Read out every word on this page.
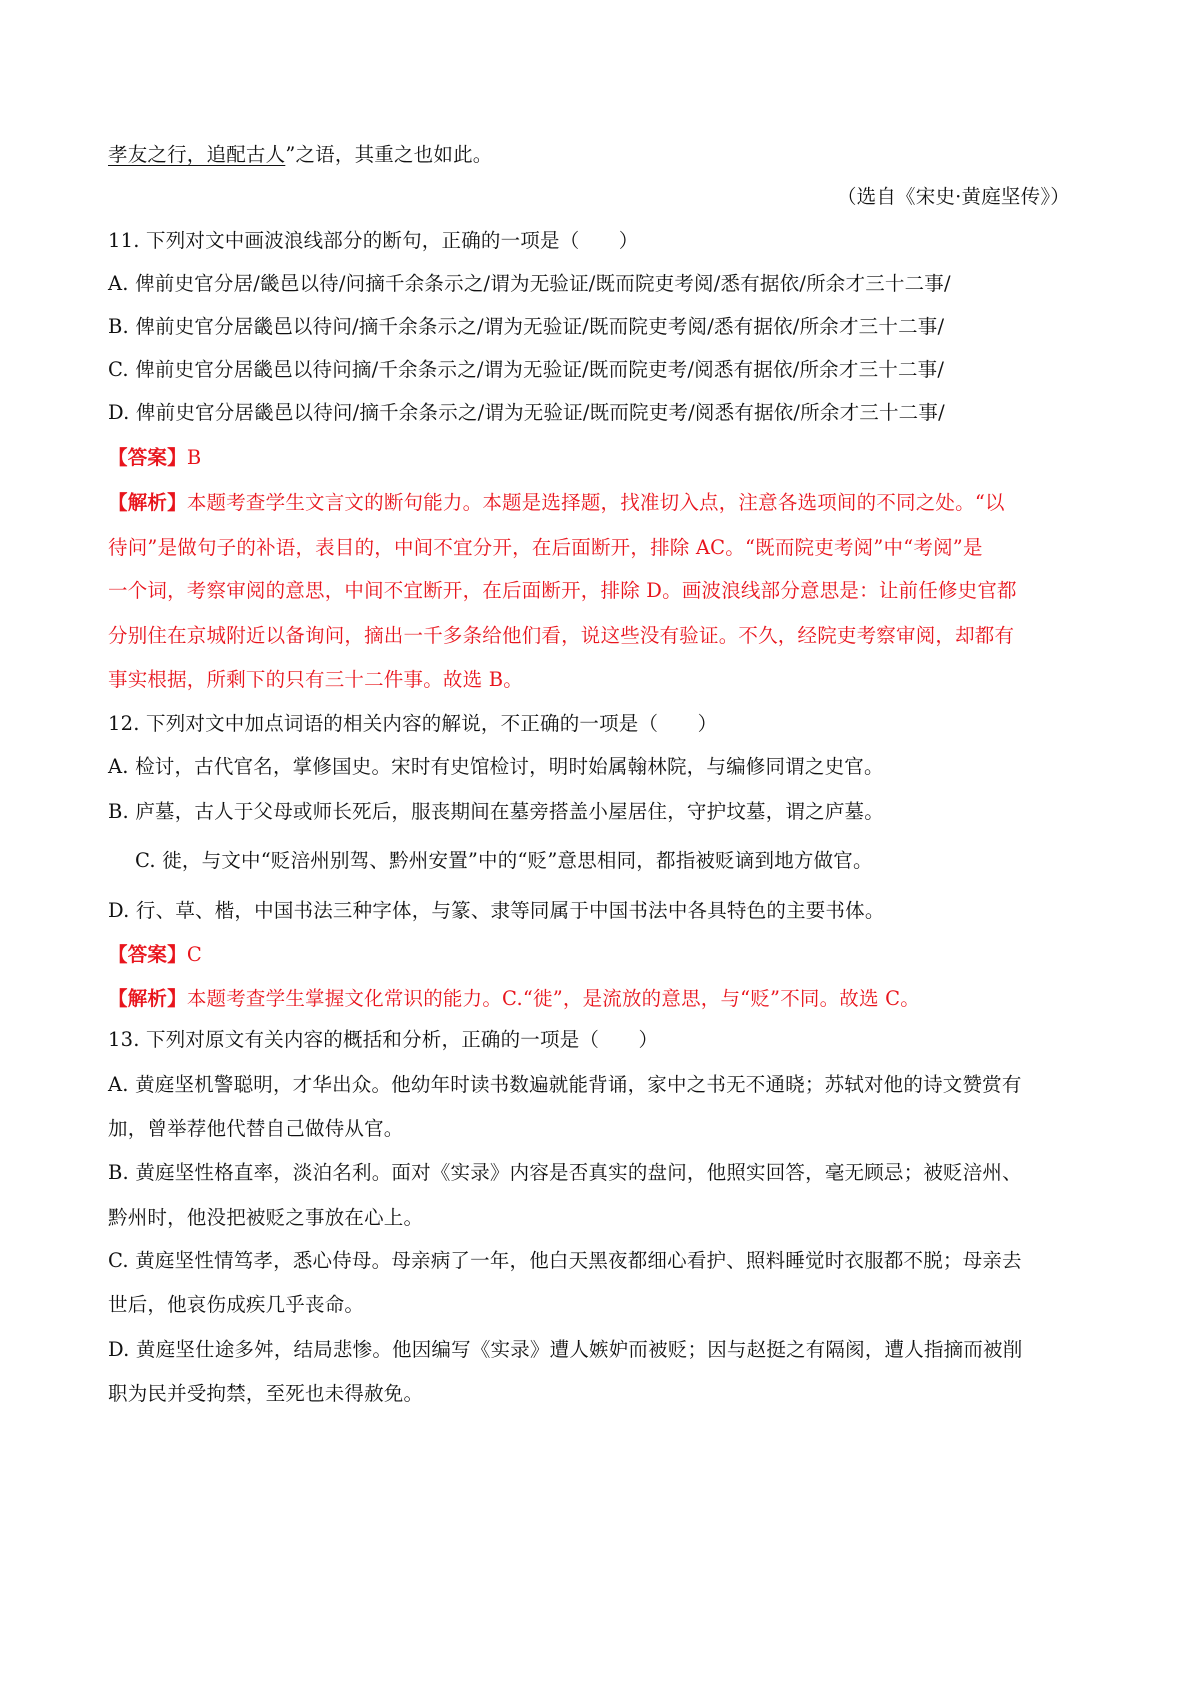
孝友之行，追配古人”之语，其重之也如此。
（选自《宋史·黄庭坚传》）
11. 下列对文中画波浪线部分的断句，正确的一项是（　　）
A. 俾前史官分居/畿邑以待/问摘千余条示之/谓为无验证/既而院吏考阅/悉有据依/所余才三十二事/
B. 俾前史官分居畿邑以待问/摘千余条示之/谓为无验证/既而院吏考阅/悉有据依/所余才三十二事/
C. 俾前史官分居畿邑以待问摘/千余条示之/谓为无验证/既而院吏考/阅悉有据依/所余才三十二事/
D. 俾前史官分居畿邑以待问/摘千余条示之/谓为无验证/既而院吏考/阅悉有据依/所余才三十二事/
【答案】B
【解析】本题考查学生文言文的断句能力。本题是选择题，找准切入点，注意各选项间的不同之处。“以
待问”是做句子的补语，表目的，中间不宜分开，在后面断开，排除 AC。“既而院吏考阅”中“考阅”是
一个词，考察审阅的意思，中间不宜断开，在后面断开，排除 D。画波浪线部分意思是：让前任修史官都
分别住在京城附近以备询问，摘出一千多条给他们看，说这些没有验证。不久，经院吏考察审阅，却都有
事实根据，所剩下的只有三十二件事。故选 B。
12. 下列对文中加点词语的相关内容的解说，不正确的一项是（　　）
A. 检讨，古代官名，掌修国史。宋时有史馆检讨，明时始属翰林院，与编修同谓之史官。
B. 庐墓，古人于父母或师长死后，服丧期间在墓旁搭盖小屋居住，守护坟墓，谓之庐墓。
C. 徙，与文中“贬涪州别驾、黔州安置”中的“贬”意思相同，都指被贬谪到地方做官。
D. 行、草、楷，中国书法三种字体，与篆、隶等同属于中国书法中各具特色的主要书体。
【答案】C
【解析】本题考查学生掌握文化常识的能力。C.“徙”，是流放的意思，与“贬”不同。故选 C。
13. 下列对原文有关内容的概括和分析，正确的一项是（　　）
A. 黄庭坚机警聪明，才华出众。他幼年时读书数遍就能背诵，家中之书无不通晓；苏轼对他的诗文赞赏有
加，曾举荐他代替自己做侍从官。
B. 黄庭坚性格直率，淡泊名利。面对《实录》内容是否真实的盘问，他照实回答，毫无顾忌；被贬涪州、
黔州时，他没把被贬之事放在心上。
C. 黄庭坚性情笃孝，悉心侍母。母亲病了一年，他白天黑夜都细心看护、照料睡觉时衣服都不脱；母亲去
世后，他哀伤成疾几乎丧命。
D. 黄庭坚仕途多舛，结局悲惨。他因编写《实录》遭人嫉妒而被贬；因与赵挺之有隔阂，遭人指摘而被削
职为民并受拘禁，至死也未得赦免。
